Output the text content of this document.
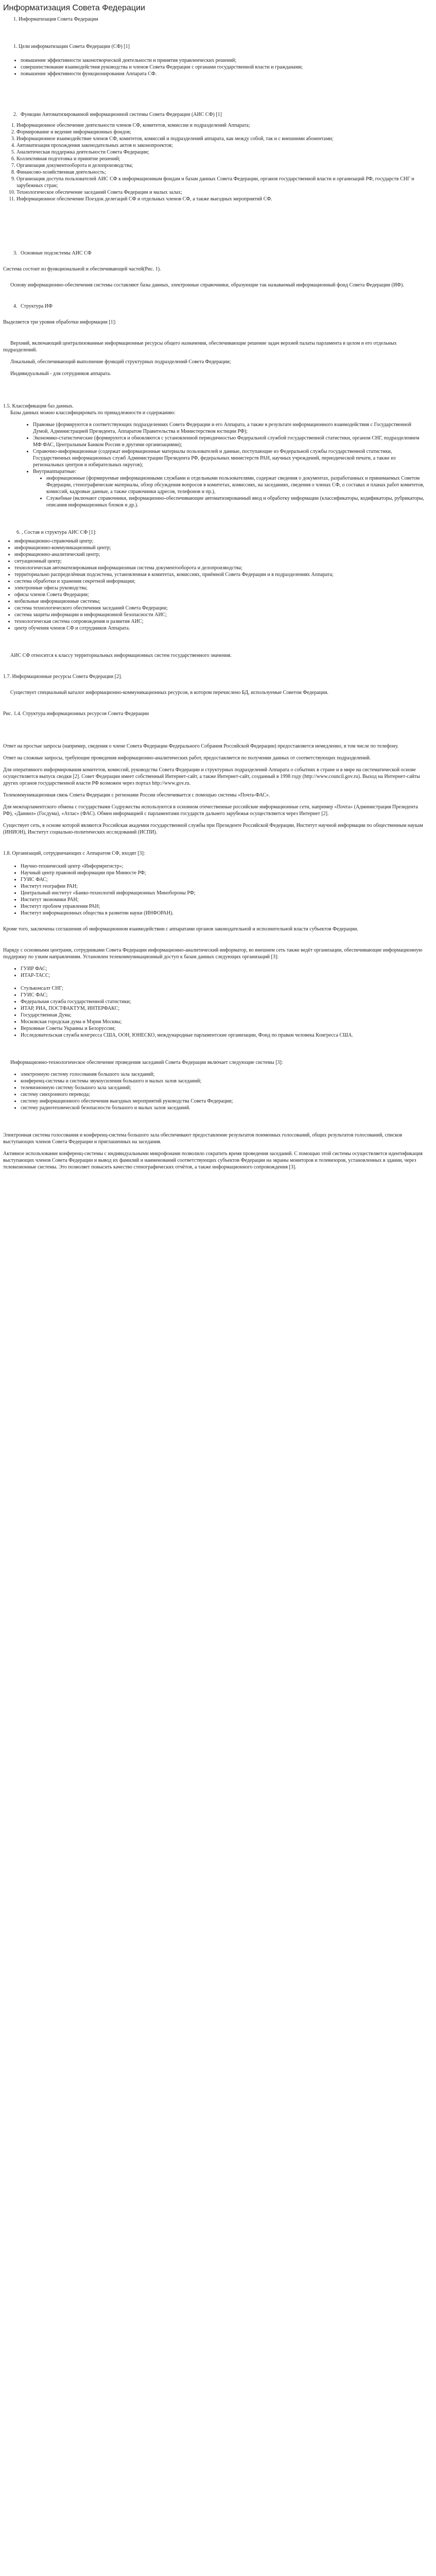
Информатизация Совета Федерации
1. Информатизация Совета Федерации
1. Цели информатизации Совета Федерации (СФ) [1]
• повышение эффективности законотворческой деятельности и принятия управленческих решений;
• совершенствование взаимодействия руководства и членов Совета Федерации с органами государственной власти и гражданами;
• повышение эффективности функционирования Аппарата СФ.
2. Функции Автоматизированной информационной системы Совета Федерации (АИС СФ) [1]
1. Информационное обеспечение деятельности членов СФ, комитетов, комиссии и подразделений Аппарата;
2. Формирование и ведение информационных фондов;
3. Информационное взаимодействие членов СФ, комитетов, комиссий и подразделений аппарата, как между собой, так и с внешними абонентами;
4. Автоматизация прохождения законодательных актов и законопроектов;
5. Аналитическая поддержка деятельности Совета Федерации;
6. Коллективная подготовка и принятие решений;
7. Организация документооборота и делопроизводства;
8. Финансово-хозяйственная деятельность;
9. Организация доступа пользователей АИС СФ к информационным фондам и базам данных Совета Федерации, органов государственной власти и организаций РФ, государств СНГ и зарубежных стран;
10. Технологическое обеспечение заседаний Совета Федерации и малых залах;
11. Информационное обеспечение Поездок делегаций СФ и отдельных членов СФ, а также выездных мероприятий СФ.
3. Основные подсистемы АИС СФ

Система состоит из функциональной и обеспечивающей частей(Рис. 1).

Основу информационно-обеспечения системы составляют базы данных, электронные справочники, образующие так называемый информационный фонд Совета Федерации (ИФ).

4. Структура ИФ

Выделяется три уровня обработки информации [1]:

Верхний, включающий централизованные информационные ресурсы общего назначения, обеспечивающие решение задач верхней палаты парламента в целом и его отдельных подразделений.

Локальный, обеспечивающий выполнение функций структурных подразделений Совета Федерации;

Индивидуальный - для сотрудников аппарата.

1.5. Классификация баз данных.

Базы данных можно классифицировать по принадлежности и содержанию:

• Правовые (формируются в соответствующих подразделениях Совета Федерации и его Аппарата, а также в результате информационного взаимодействия с Государственной Думой, Администрацией Президента, Аппаратом Правительства и Министерством юстиции РФ);
• Экономико-статистические (формируются и обновляются с установленной периодичностью Федеральной службой государственной статистики, органом СНГ, подразделением МФ ФАС, Центральным Банком России и другими организациями);
• Справочно-информационные (содержат информационные материалы пользователей и данные, поступающие из Федеральной службы государственной статистики, Государственных информационных служб Администрации Президента РФ, федеральных министерств РАН, научных учреждений, периодической печати, а также из региональных центров и избирательных округов);
• Внутриаппаратные:
• информационные (формируемые информационными службами и отдельными пользователями, содержат сведения о документах, разработанных и принимаемых Советом Федерации, стенографические материалы, обзор обсуждения вопросов в комитетах, комиссиях, на заседаниях, сведения о членах СФ, о составах и планах работ комитетов, комиссий, кадровые данные, а также справочники адресов, телефонов и пр.),
• Служебные (включают справочники, информационно-обеспечивающие автоматизированный ввод и обработку информации (классификаторы, кодификаторы, рубрикаторы, описания информационных блоков и др.).
6. , Состав и структура АИС СФ [1]:
• информационно-справочный центр;
• информационно-коммуникационный центр;
• информационно-аналитический центр;
• ситуационный центр;
• технологическая автоматизированная информационная система документооборота и делопроизводства;
• территориально распределённая подсистема, установленная в комитетах, комиссиях, приёмной Совета Федерации и в подразделениях Аппарата;
• система обработки и хранения секретной информации;
• электронные офисы руководства;
• офисы членов Совета Федерации;
• мобильные информационные системы;
• система технологического обеспечения заседаний Совета Федерации;
• система защиты информации и информационной безопасности АИС;
• технологическая система сопровождения и развития АИС;
• центр обучения членов СФ и сотрудников Аппарата.

АИС СФ относится к классу территориальных информационных систем государственного значения.

1.7. Информационные ресурсы Совета Федерации [2].

Существует специальный каталог информационно-коммуникационных ресурсов, в котором перечислено БД, используемые Советом Федерации.

Рис. 1.4. Структура информационных ресурсов Совета Федерации

Ответ на простые запросы (например, сведения о члене Совета Федерации Федерального Собрания Российской Федерации) предоставляется немедленно, в том числе по телефону.

Ответ на сложные запросы, требующие проведения информационно-аналитических работ, предоставляется по получении данных от соответствующих подразделений.

Для оперативного информирования комитетов, комиссий, руководства Совета Федерации и структурных подразделений Аппарата о событиях в стране и в мире на систематической основе осуществляется выпуск сводки [2]. Совет Федерации имеет собственный Интернет-сайт, а также Интернет-сайт, созданный в 1998 году (http://www.council.gov.ru). Выход на Интернет-сайты других органов государственной власти РФ возможен через портал http://www.gov.ru.

Телекоммуникационная связь Совета Федерации с регионами России обеспечивается с помощью системы «Почта-ФАС».

Для межпарламентского обмена с государствами Содружества используются в основном отечественные российские информационные сети, например «Почта» (Администрация Президента РФ), «Даниил» (Госдума), «Атлас» (ФАС). Обмен информацией с парламентами государств дальнего зарубежья осуществляется через Интернет [2].

Существует сеть, в основе которой являются Российская академия государственной службы при Президенте Российской Федерации, Институт научной информации по общественным наукам (ИНИОН), Институт социально-политических исследований (ИСПИ).

1.8. Организаций, сотрудничающих с Аппаратом СФ, входят [3]:
• Научно-технический центр «Информрегистр»;
• Научный центр правовой информации при Минюсте РФ;
• ГУИС ФАС;
• Институт географии РАН;
• Центральный институт «Банко-технологий информационных Минобороны РФ;
• Институт экономики РАН;
• Институт проблем управления РАН;
• Институт информационных общества в развитии науки (ИНФОРАН).

Кроме того, заключены соглашения об информационном взаимодействии с аппаратами органов законодательной и исполнительной власти субъектов Федерации.

Наряду с основными центрами, сотрудниками Совета Федерации информационно-аналитический информатор, во внешнем сеть также ведёт организации, обеспечивающие информационную поддержку по узким направлениям. Установлен телекоммуникационный доступ к базам данных следующих организаций [3]:

• ГУИР ФАС;
• ИТАР-ТАСС;
• Стульконсалт СНГ;
• ГУИС ФАС;
• Федеральная служба государственной статистики;
• ИТАР, РИА, ПОСТФАКТУМ, ИНТЕРФАКС;
• Государственная Дума;
• Московская городская дума и Мэрия Москвы;
• Верховные Советы Украины и Белоруссии;
• Исследовательская служба конгресса США, ООН, ЮНЕСКО, международные парламентские организации, Фонд по правам человека Конгресса США.

Информационно-технологическое обеспечение проведения заседаний Совета Федерации включает следующие системы [3]:

• электронную систему голосования большого зала заседаний;
• конференц-системы и системы звукоусиления большого и малых залов заседаний;
• телевизионную систему большого зала заседаний;
• систему синхронного перевода;
• систему информационного обеспечения выездных мероприятий руководства Совета Федерации;
• систему радиотехнической безопасности большого и малых залов заседаний.

Электронная система голосования и конференц-система большого зала обеспечивают предоставление результатов поименных голосований, общих результатов голосований, списков выступающих членов Совета Федерации и приглашенных на заседания.

Активное использование конференц-системы с индивидуальными микрофонами позволило сократить время проведения заседаний. С помощью этой системы осуществляется идентификация выступающих членов Совета Федерации и вывод их фамилий и наименований соответствующих субъектов Федерации на экраны мониторов и телевизоров, установленных в здании, через телевизионные системы. Это позволяет повысить качество стенографических отчётов, а также информационного сопровождения [3].
